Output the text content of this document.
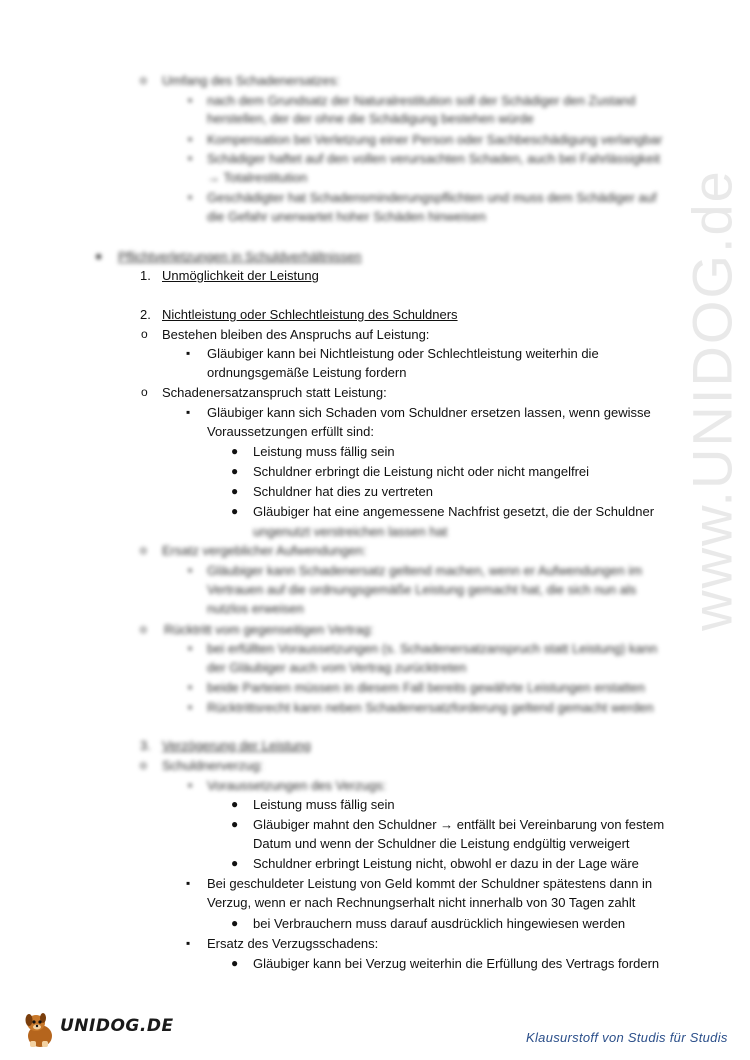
www.UNIDOG.de
o Umfang des Schadenersatzes:
▪ nach dem Grundsatz der Naturalrestitution soll der Schädiger den Zustand
herstellen, der der ohne die Schädigung bestehen würde
▪ Kompensation bei Verletzung einer Person oder Sachbeschädigung verlangbar
▪ Schädiger haftet auf den vollen verursachten Schaden, auch bei Fahrlässigkeit
→ Totalrestitution
▪ Geschädigter hat Schadensminderungspflichten und muss dem Schädiger auf
die Gefahr unerwartet hoher Schäden hinweisen
● Pflichtverletzungen in Schuldverhältnissen
1. Unmöglichkeit der Leistung
2. Nichtleistung oder Schlechtleistung des Schuldners
o Bestehen bleiben des Anspruchs auf Leistung:
▪ Gläubiger kann bei Nichtleistung oder Schlechtleistung weiterhin die
ordnungsgemäße Leistung fordern
o Schadenersatzanspruch statt Leistung:
▪ Gläubiger kann sich Schaden vom Schuldner ersetzen lassen, wenn gewisse
Voraussetzungen erfüllt sind:
● Leistung muss fällig sein
● Schuldner erbringt die Leistung nicht oder nicht mangelfrei
● Schuldner hat dies zu vertreten
● Gläubiger hat eine angemessene Nachfrist gesetzt, die der Schuldner
ungenutzt verstreichen lassen hat
o Ersatz vergeblicher Aufwendungen:
▪ Gläubiger kann Schadenersatz geltend machen, wenn er Aufwendungen im
Vertrauen auf die ordnungsgemäße Leistung gemacht hat, die sich nun als
nutzlos erweisen
o Rücktritt vom gegenseitigen Vertrag:
▪ bei erfüllten Voraussetzungen (s. Schadenersatzanspruch statt Leistung) kann
der Gläubiger auch vom Vertrag zurücktreten
▪ beide Parteien müssen in diesem Fall bereits gewährte Leistungen erstatten
▪ Rücktrittsrecht kann neben Schadenersatzforderung geltend gemacht werden
3. Verzögerung der Leistung
o Schuldnerverzug:
▪ Voraussetzungen des Verzugs:
● Leistung muss fällig sein
● Gläubiger mahnt den Schuldner → entfällt bei Vereinbarung von festem
Datum und wenn der Schuldner die Leistung endgültig verweigert
● Schuldner erbringt Leistung nicht, obwohl er dazu in der Lage wäre
▪ Bei geschuldeter Leistung von Geld kommt der Schuldner spätestens dann in
Verzug, wenn er nach Rechnungserhalt nicht innerhalb von 30 Tagen zahlt
● bei Verbrauchern muss darauf ausdrücklich hingewiesen werden
▪ Ersatz des Verzugsschadens:
● Gläubiger kann bei Verzug weiterhin die Erfüllung des Vertrags fordern
UNIDOG.DE
Klausurstoff von Studis für Studis
